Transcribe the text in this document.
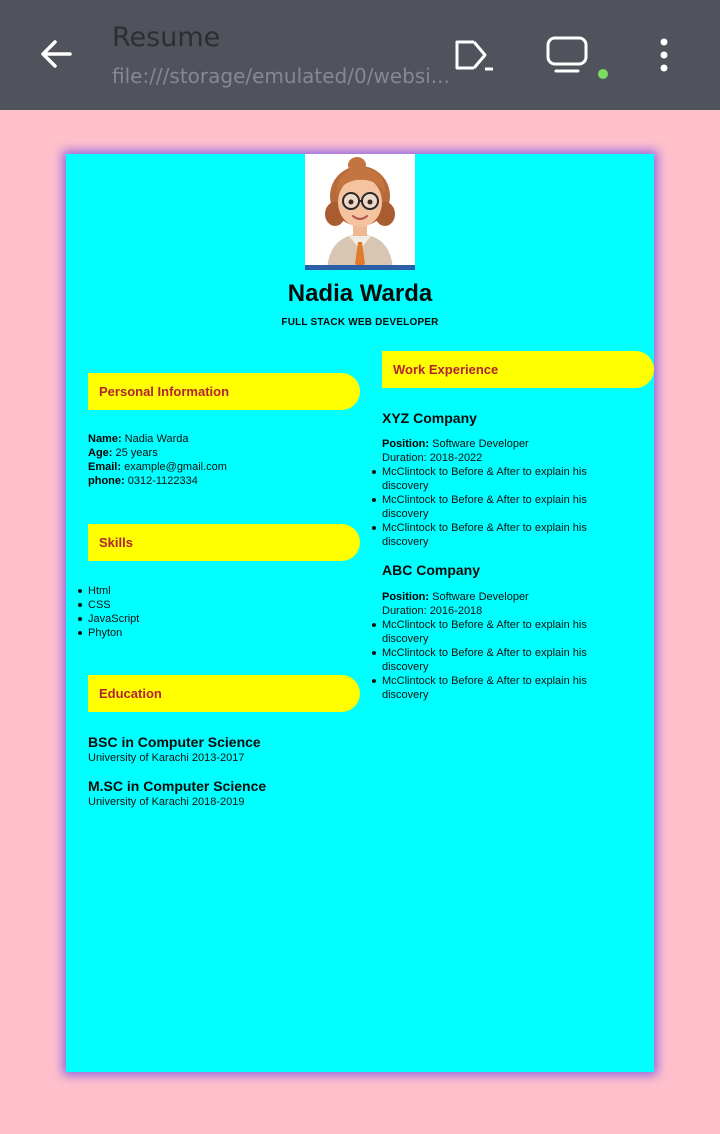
Resume
file:///storage/emulated/0/websi...
Nadia Warda
FULL STACK WEB DEVELOPER
Personal Information
Name: Nadia Warda
Age: 25 years
Email: example@gmail.com
phone: 0312-1122334
Skills
Html
CSS
JavaScript
Phyton
Education
BSC in Computer Science
University of Karachi 2013-2017
M.SC in Computer Science
University of Karachi 2018-2019
Work Experience
XYZ Company
Position: Software Developer
Duration: 2018-2022
McClintock to Before & After to explain his discovery
McClintock to Before & After to explain his discovery
McClintock to Before & After to explain his discovery
ABC Company
Position: Software Developer
Duration: 2016-2018
McClintock to Before & After to explain his discovery
McClintock to Before & After to explain his discovery
McClintock to Before & After to explain his discovery
